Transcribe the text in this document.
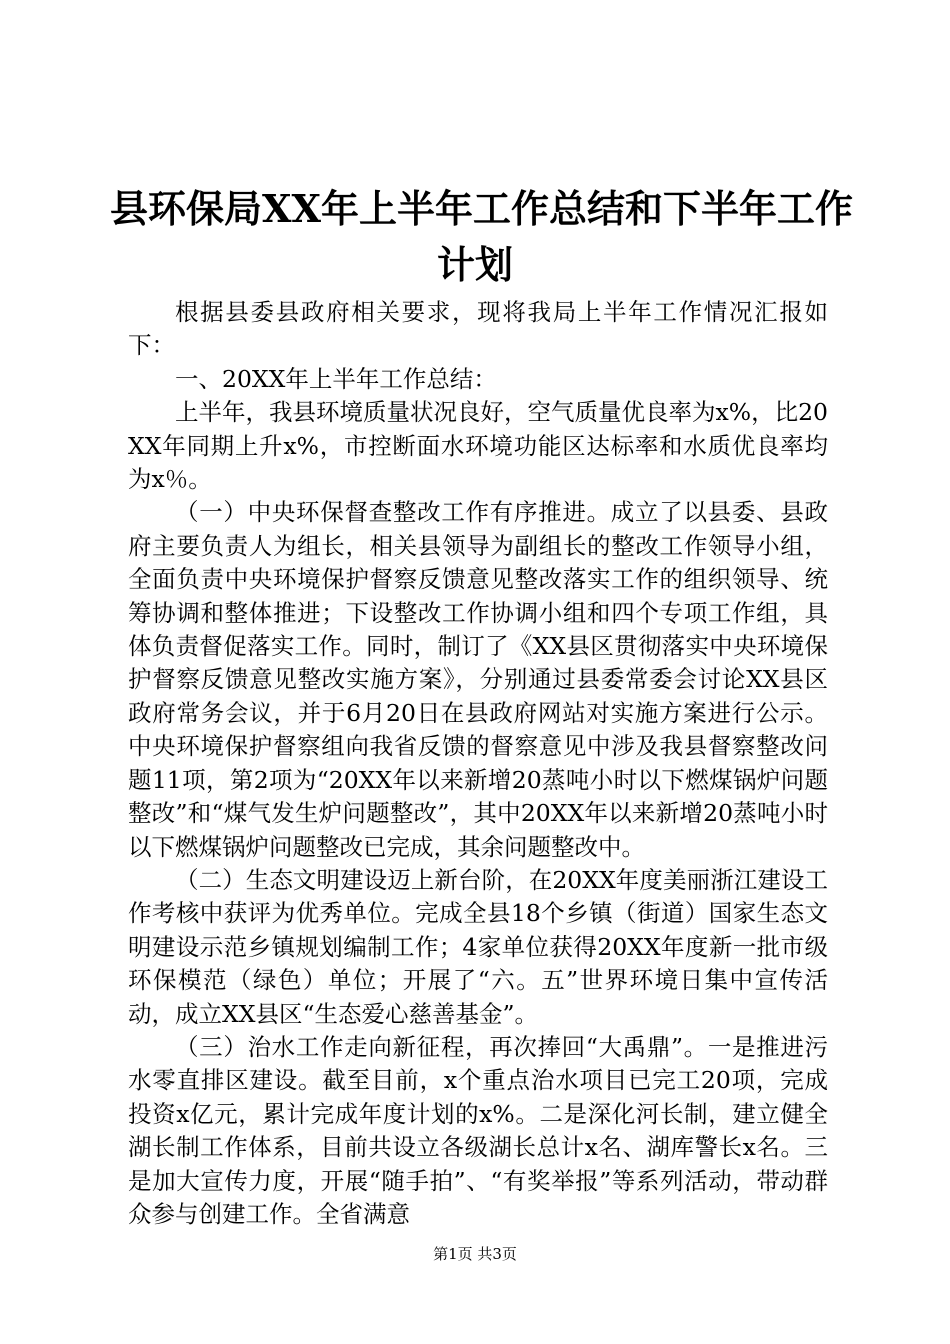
县环保局XX年上半年工作总结和下半年工作
计划

根据县委县政府相关要求，现将我局上半年工作情况汇报如下：

一、20XX年上半年工作总结：

上半年，我县环境质量状况良好，空气质量优良率为x%，比20XX年同期上升x%，市控断面水环境功能区达标率和水质优良率均为x％。

（一）中央环保督查整改工作有序推进。成立了以县委、县政府主要负责人为组长，相关县领导为副组长的整改工作领导小组，全面负责中央环境保护督察反馈意见整改落实工作的组织领导、统筹协调和整体推进；下设整改工作协调小组和四个专项工作组，具体负责督促落实工作。同时，制订了《XX县区贯彻落实中央环境保护督察反馈意见整改实施方案》，分别通过县委常委会讨论XX县区政府常务会议，并于6月20日在县政府网站对实施方案进行公示。中央环境保护督察组向我省反馈的督察意见中涉及我县督察整改问题11项，第2项为“20XX年以来新增20蒸吨小时以下燃煤锅炉问题整改”和“煤气发生炉问题整改”，其中20XX年以来新增20蒸吨小时以下燃煤锅炉问题整改已完成，其余问题整改中。

（二）生态文明建设迈上新台阶，在20XX年度美丽浙江建设工作考核中获评为优秀单位。完成全县18个乡镇（街道）国家生态文明建设示范乡镇规划编制工作；4家单位获得20XX年度新一批市级环保模范（绿色）单位；开展了“六。五”世界环境日集中宣传活动，成立XX县区“生态爱心慈善基金”。

（三）治水工作走向新征程，再次捧回“大禹鼎”。一是推进污水零直排区建设。截至目前，x个重点治水项目已完工20项，完成投资x亿元，累计完成年度计划的x%。二是深化河长制，建立健全湖长制工作体系，目前共设立各级湖长总计x名、湖库警长x名。三是加大宣传力度，开展“随手拍”、“有奖举报”等系列活动，带动群众参与创建工作。全省满意

第1页 共3页
